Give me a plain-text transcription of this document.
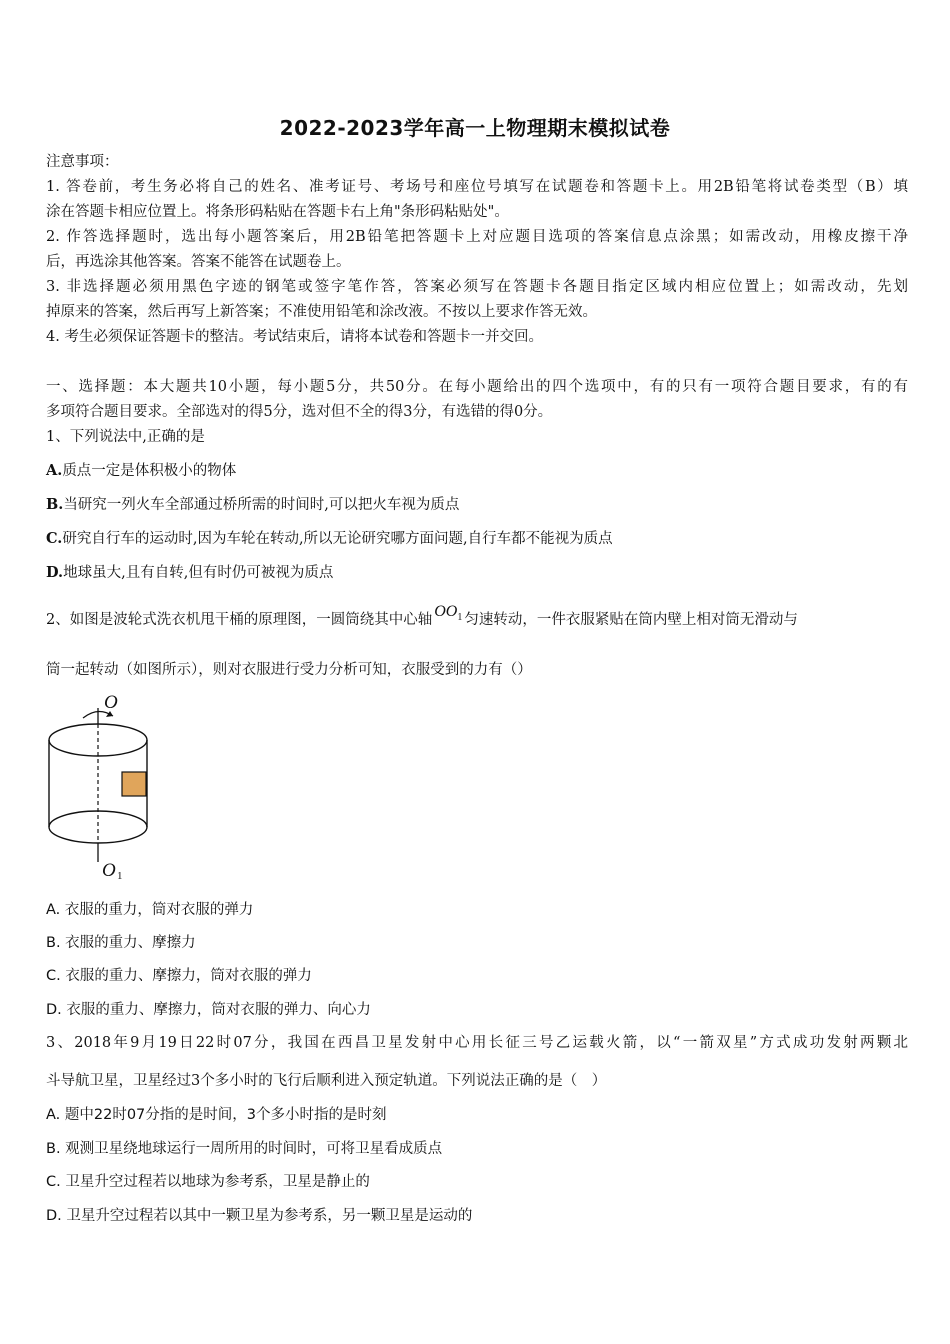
2022-2023学年高一上物理期末模拟试卷
注意事项：
1. 答卷前，考生务必将自己的姓名、准考证号、考场号和座位号填写在试题卷和答题卡上。用2B铅笔将试卷类型（B）填
涂在答题卡相应位置上。将条形码粘贴在答题卡右上角"条形码粘贴处"。
2. 作答选择题时，选出每小题答案后，用2B铅笔把答题卡上对应题目选项的答案信息点涂黑；如需改动，用橡皮擦干净
后，再选涂其他答案。答案不能答在试题卷上。
3. 非选择题必须用黑色字迹的钢笔或签字笔作答，答案必须写在答题卡各题目指定区域内相应位置上；如需改动，先划
掉原来的答案，然后再写上新答案；不准使用铅笔和涂改液。不按以上要求作答无效。
4. 考生必须保证答题卡的整洁。考试结束后，请将本试卷和答题卡一并交回。
一、选择题：本大题共10小题，每小题5分，共50分。在每小题给出的四个选项中，有的只有一项符合题目要求，有的有
多项符合题目要求。全部选对的得5分，选对但不全的得3分，有选错的得0分。
1、下列说法中,正确的是
A.质点一定是体积极小的物体
B.当研究一列火车全部通过桥所需的时间时,可以把火车视为质点
C.研究自行车的运动时,因为车轮在转动,所以无论研究哪方面问题,自行车都不能视为质点
D.地球虽大,且有自转,但有时仍可被视为质点
2、如图是波轮式洗衣机甩干桶的原理图，一圆筒绕其中心轴 $OO_1$ 匀速转动，一件衣服紧贴在筒内壁上相对筒无滑动与
筒一起转动（如图所示），则对衣服进行受力分析可知，衣服受到的力有（）
O
O 1
A. 衣服的重力，筒对衣服的弹力
B. 衣服的重力、摩擦力
C. 衣服的重力、摩擦力，筒对衣服的弹力
D. 衣服的重力、摩擦力，筒对衣服的弹力、向心力
3、2018年9月19日22时07分，我国在西昌卫星发射中心用长征三号乙运载火箭，以“一箭双星”方式成功发射两颗北
斗导航卫星，卫星经过3个多小时的飞行后顺利进入预定轨道。下列说法正确的是（　）
A. 题中22时07分指的是时间，3个多小时指的是时刻
B. 观测卫星绕地球运行一周所用的时间时，可将卫星看成质点
C. 卫星升空过程若以地球为参考系，卫星是静止的
D. 卫星升空过程若以其中一颗卫星为参考系，另一颗卫星是运动的
